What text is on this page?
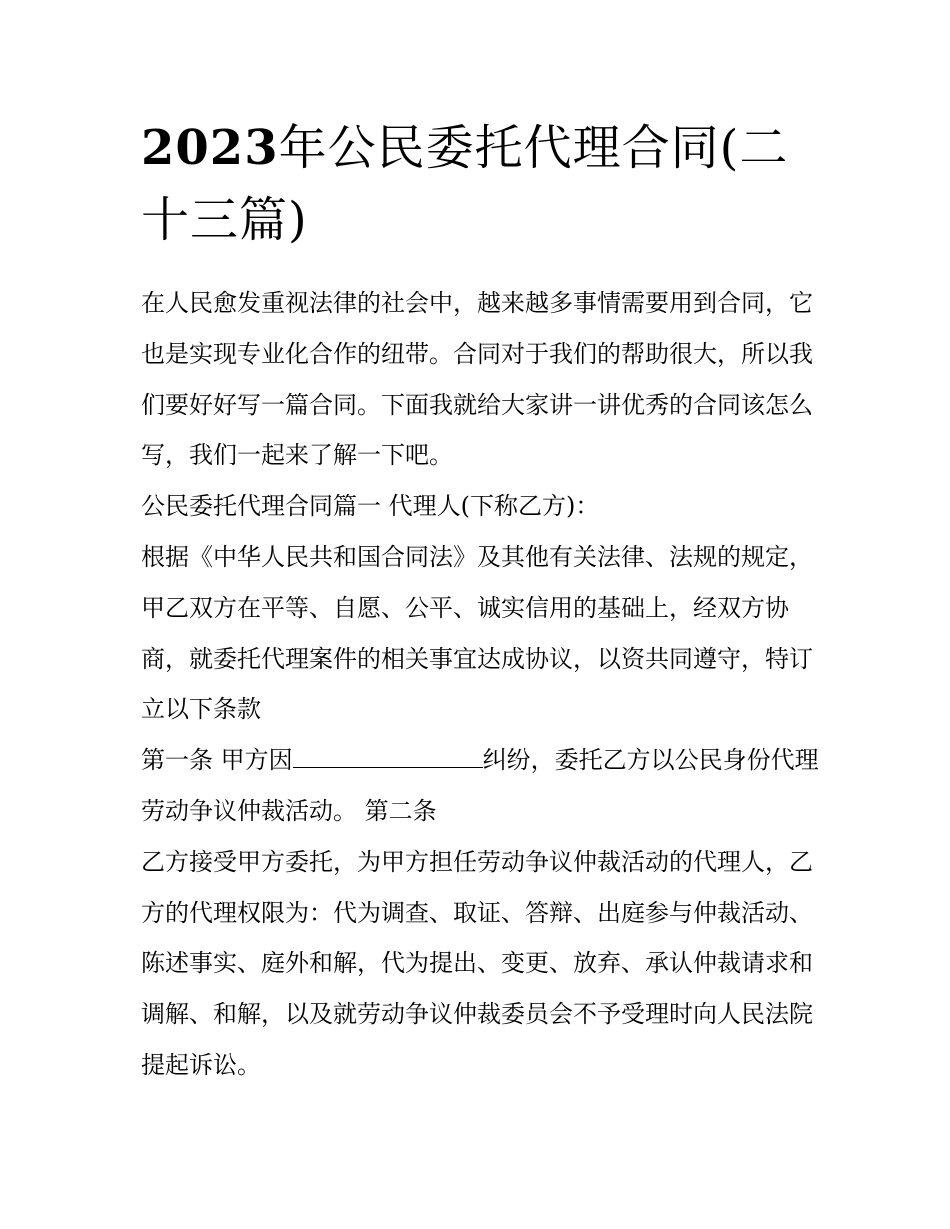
2023年公民委托代理合同(二十三篇)

在人民愈发重视法律的社会中，越来越多事情需要用到合同，它也是实现专业化合作的纽带。合同对于我们的帮助很大，所以我们要好好写一篇合同。下面我就给大家讲一讲优秀的合同该怎么写，我们一起来了解一下吧。

公民委托代理合同篇一 代理人(下称乙方)：

根据《中华人民共和国合同法》及其他有关法律、法规的规定，甲乙双方在平等、自愿、公平、诚实信用的基础上，经双方协商，就委托代理案件的相关事宜达成协议，以资共同遵守，特订立以下条款

第一条 甲方因	纠纷，委托乙方以公民身份代理劳动争议仲裁活动。 第二条

乙方接受甲方委托，为甲方担任劳动争议仲裁活动的代理人，乙方的代理权限为：代为调查、取证、答辩、出庭参与仲裁活动、陈述事实、庭外和解，代为提出、变更、放弃、承认仲裁请求和调解、和解，以及就劳动争议仲裁委员会不予受理时向人民法院提起诉讼。
